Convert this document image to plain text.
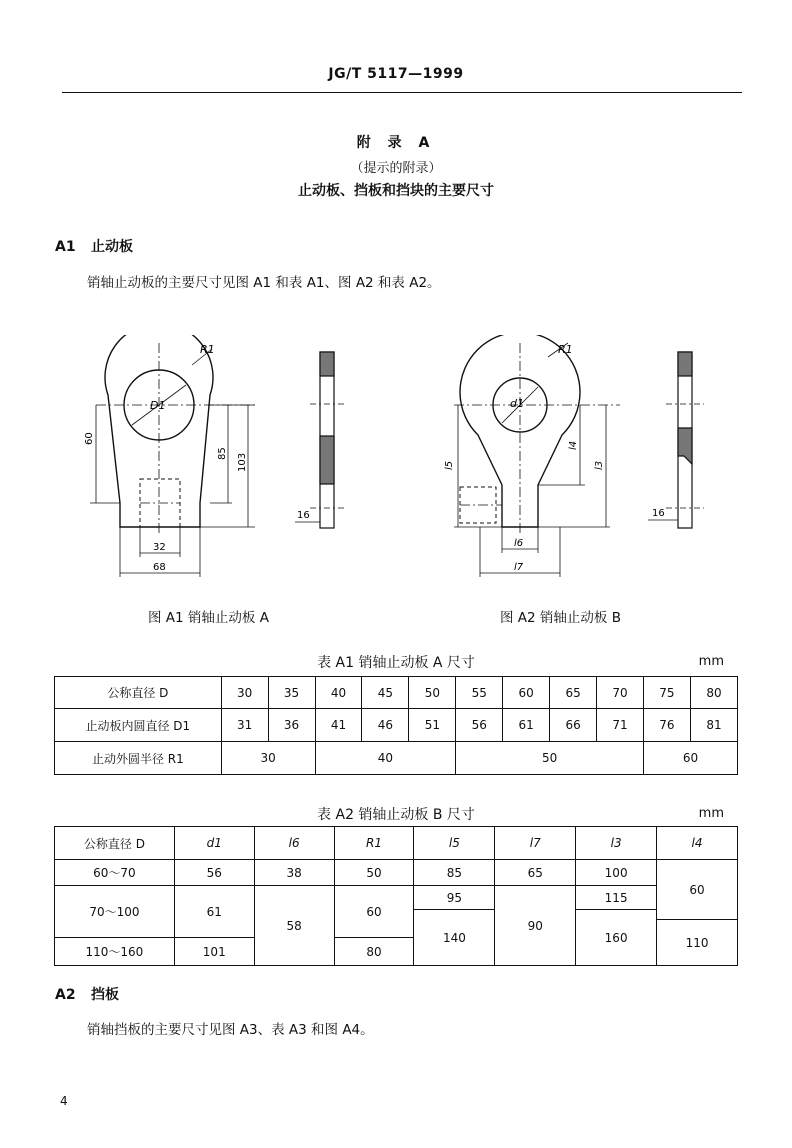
JG/T 5117—1999
附 录 A
（提示的附录）
止动板、挡板和挡块的主要尺寸
A1 止动板
销轴止动板的主要尺寸见图 A1 和表 A1、图 A2 和表 A2。
R1
D1
60
85 103
32
68
16
R1
d1
l5
l4
l3
l6
l7
16
图 A1 销轴止动板 A	图 A2 销轴止动板 B
表 A1 销轴止动板 A 尺寸	mm
公称直径 D	30	35	40	45	50	55	60	65	70	75	80
止动板内圆直径 D1	31	36	41	46	51	56	61	66	71	76	81
止动外圆半径 R1	30		40			50				60	
表 A2 销轴止动板 B 尺寸	mm
公称直径 D	d1	l6	R1	l5	l7	l3	l4
60～70	56	38	50	85	65	100	60
70～100	61	58	60	95	90	115	
				140		160	
							110
110～160	101		80				
A2 挡板
销轴挡板的主要尺寸见图 A3、表 A3 和图 A4。
4
